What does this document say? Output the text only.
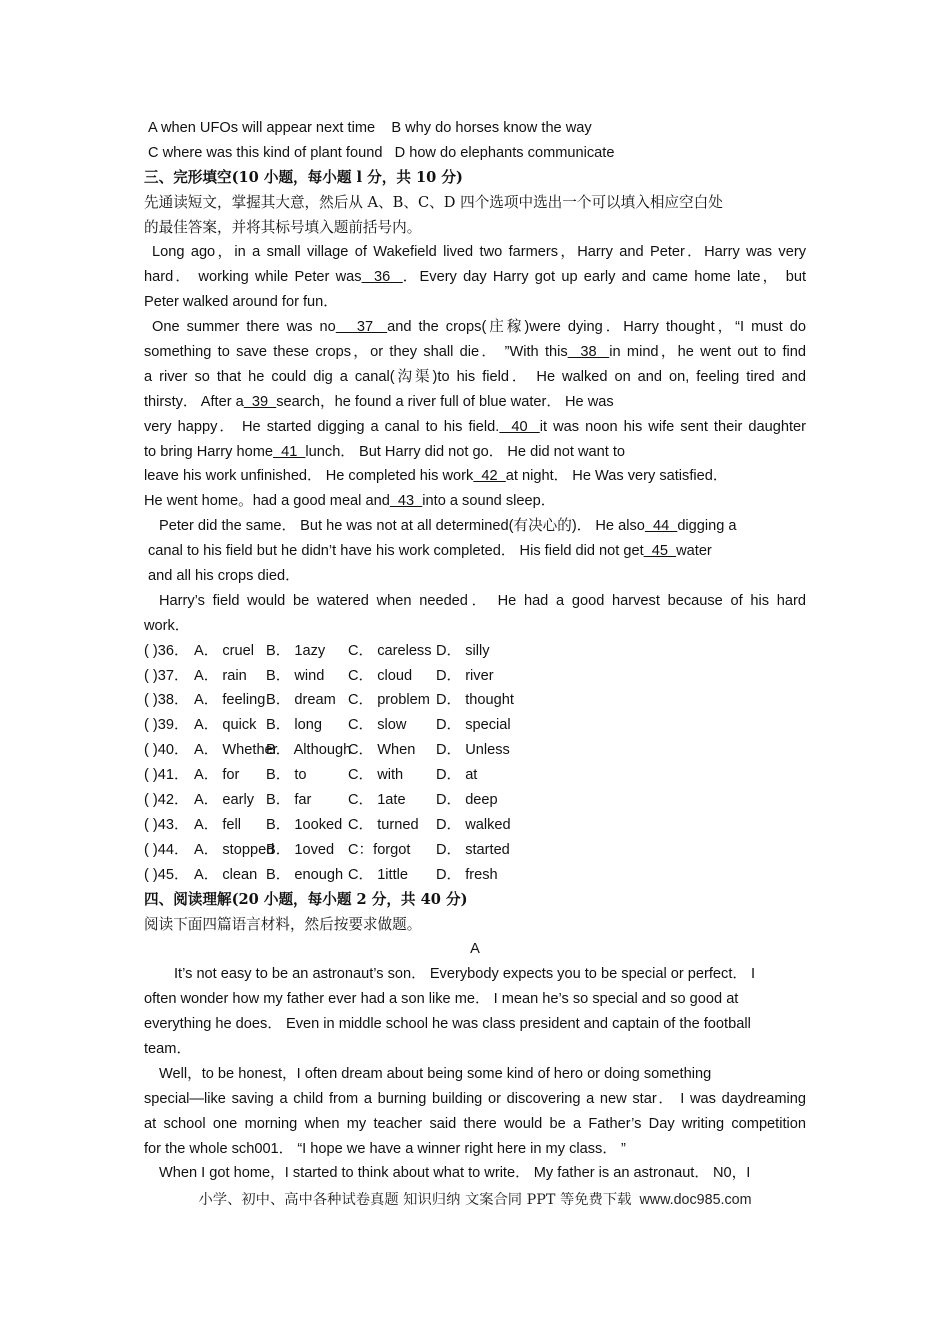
A when UFOs will appear next time    B why do horses know the way
C where was this kind of plant found   D how do elephants communicate
三、完形填空(10 小题，每小题 l 分，共 10 分)
先通读短文，掌握其大意，然后从 A、B、C、D 四个选项中选出一个可以填入相应空白处
的最佳答案，并将其标号填入题前括号内。
Long ago，in a small village of Wakefield lived two farmers，Harry and Peter．Harry was very
hard． working while Peter was  36  ．Every day Harry got up early and came home late， but
Peter walked around for fun．
One summer there was no   37  and the crops(庄稼)were dying．Harry thought，“I must do
something to save these crops，or they shall die． ”With this  38  in mind，he went out to find
a river so that he could dig a canal(沟渠)to his field． He walked on and on, feeling tired and
thirsty． After a  39  search，he found a river full of blue water． He was
very happy． He started digging a canal to his field.  40  it was noon his wife sent their daughter
to bring Harry home  41  lunch． But Harry did not go． He did not want to
leave his work unfinished． He completed his work  42  at night． He Was very satisfied．
He went home。had a good meal and  43  into a sound sleep．
Peter did the same． But he was not at all determined(有决心的)． He also  44  digging a
canal to his field but he didn’t have his work completed． His field did not get  45  water
and all his crops died．
Harry’s field would be watered when needed． He had a good harvest because of his hard
work．
( )36． A． cruel B． 1azy C． careless D． silly
( )37． A． rain B． wind C． cloud D． river
( )38． A． feelingB． dream C． problem D． thought
( )39． A． quick B． long C． slow D． special
( )40． A． WhetherB． AlthoughC． When D． Unless
( )41． A． for B． to	C． with D． at
( )42． A． early B． far	C． 1ate D． deep
( )43． A． fell B． 1ooked C． turned D． walked
( )44． A． stoppedB． 1oved C：forgot D． started
( )45． A． clean B． enough C． 1ittle D． fresh
四、阅读理解(20 小题，每小题 2 分，共 40 分)
阅读下面四篇语言材料，然后按要求做题。
A
It’s not easy to be an astronaut’s son． Everybody expects you to be special or perfect． I
often wonder how my father ever had a son like me． I mean he’s so special and so good at
everything he does． Even in middle school he was class president and captain of the football
team．
Well，to be honest，I often dream about being some kind of hero or doing something
special—like saving a child from a burning building or discovering a new star． I was daydreaming
at school one morning when my teacher said there would be a Father’s Day writing competition
for the whole sch001． “I hope we have a winner right here in my class． ”
When I got home，I started to think about what to write． My father is an astronaut． N0，I
小学、初中、高中各种试卷真题 知识归纳 文案合同 PPT 等免费下载 www.doc985.com
